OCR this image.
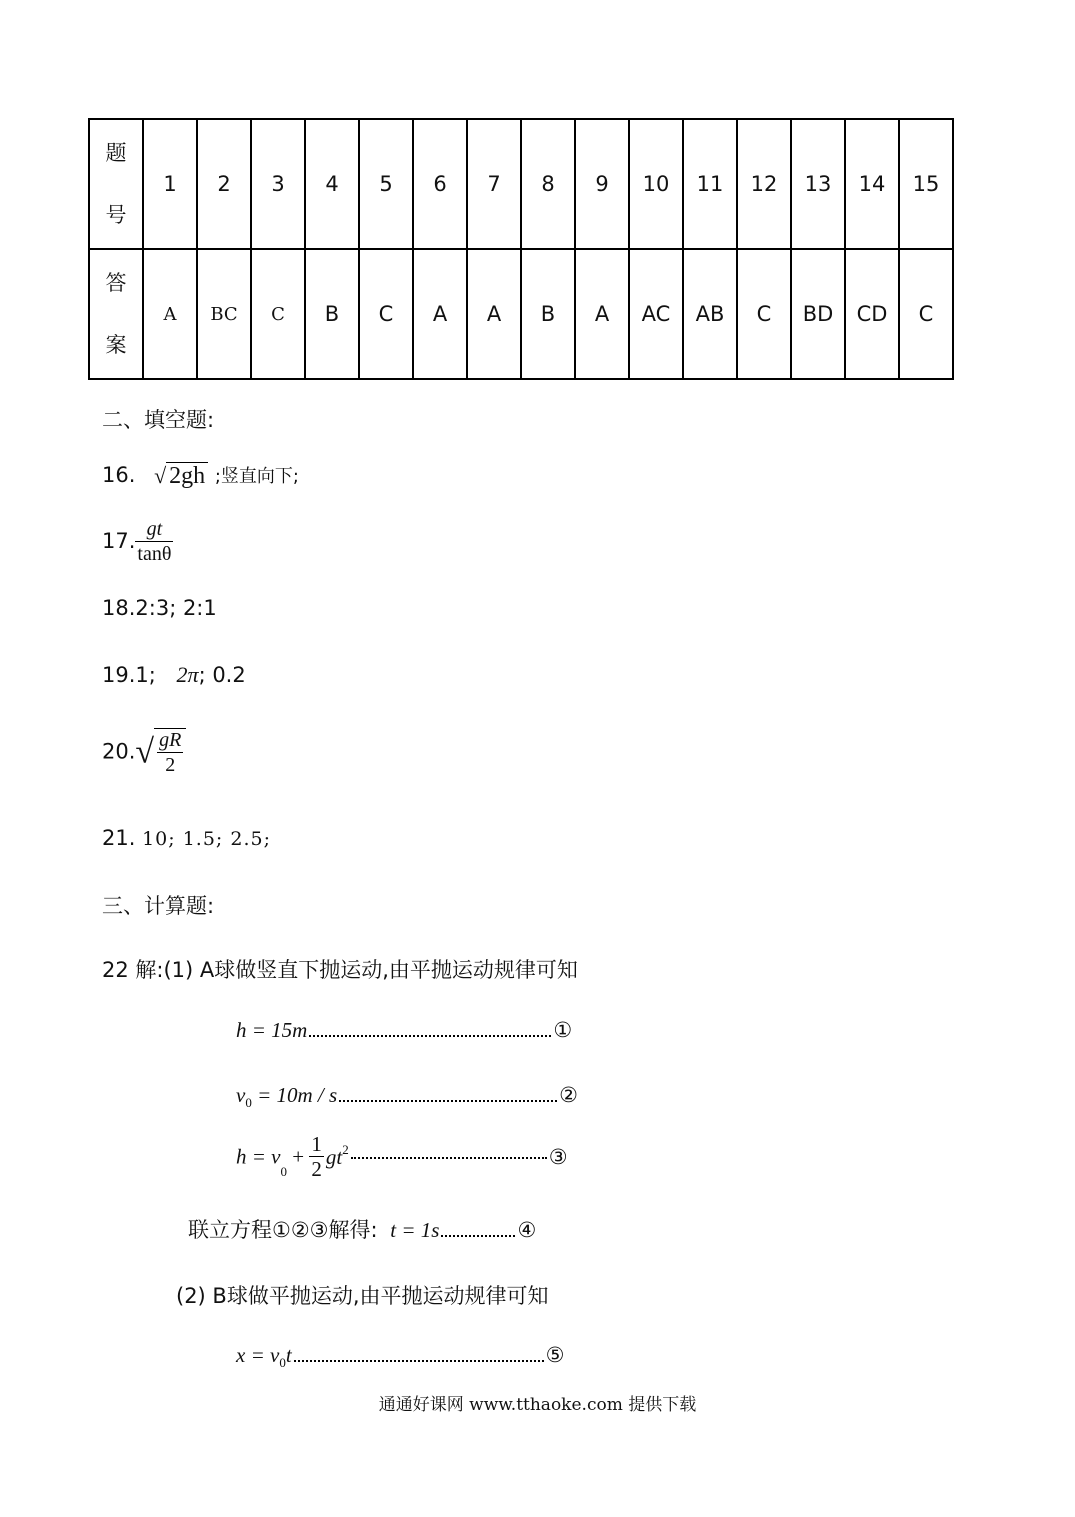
题
号	1	2	3	4	5	6	7	8	9	10	11	12	13	14	15
答
案	A	BC	C	B	C	A	A	B	A	AC	AB	C	BD	CD	C
二、填空题:
16. √ 2gh ;竖直向下;
17. $\frac{gt}{\tan\theta}$
18.2:3; 2:1
19.1; 2π; 0.2
$20.√ \frac{gR}{2}$
21. 10; 1.5; 2.5;
三、计算题:
22 解:(1) A球做竖直下抛运动,由平抛运动规律可知
h = 15m	①
$v_0 = 10m / s$	②
$h = v_0 + \frac{1}{2} gt^2$	③
联立方程①②③解得: t = 1s	④
(2) B球做平抛运动,由平抛运动规律可知
$x = v_0t$	⑤
通通好课网 www.tthaoke.com 提供下载
